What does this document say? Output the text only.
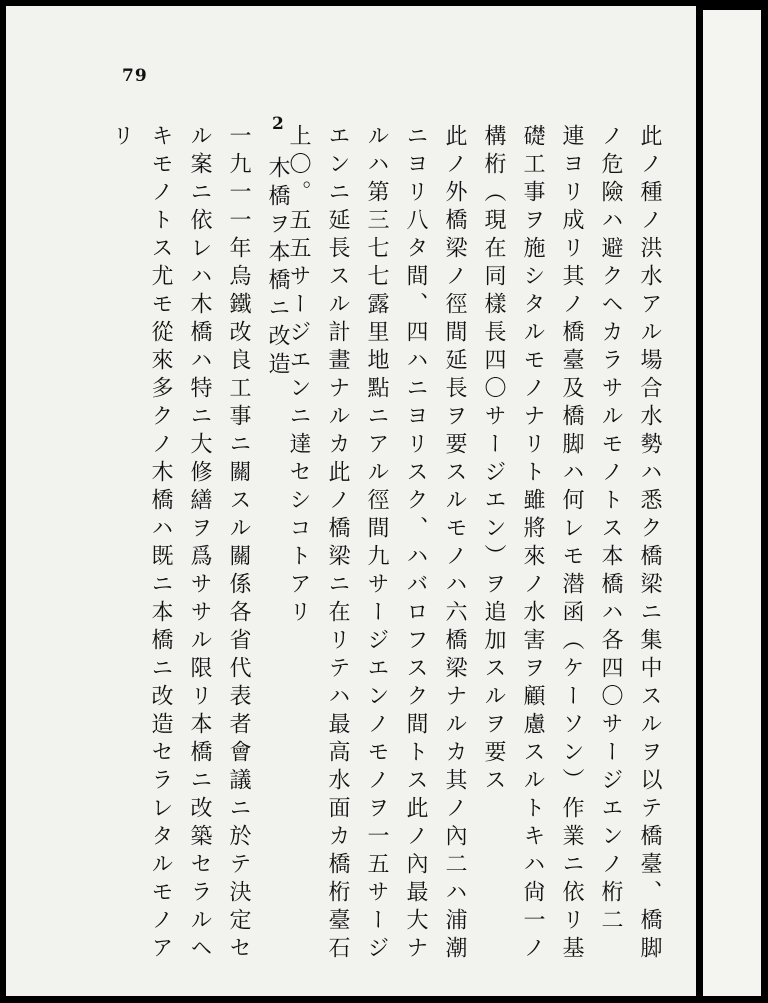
79
2	此ノ種ノ洪水アル場合水勢ハ悉ク橋梁ニ集中スルヲ以テ橋臺、橋脚
ノ危險ハ避クヘカラサルモノトス本橋ハ各四〇サージエンノ桁二
連ヨリ成リ其ノ橋臺及橋脚ハ何レモ潜函（ケーソン）作業ニ依リ基
礎工事ヲ施シタルモノナリト雖將來ノ水害ヲ顧慮スルトキハ尙一ノ
構桁（現在同樣長四〇サージエン）ヲ追加スルヲ要ス
此ノ外橋梁ノ徑間延長ヲ要スルモノハ六橋梁ナルカ其ノ內二ハ浦潮
ニヨリ八タ間、四ハニヨリスク、ハバロフスク間トス此ノ內最大ナ
ルハ第三七七露里地點ニアル徑間九サージエンノモノヲ一五サージ
エンニ延長スル計畫ナルカ此ノ橋梁ニ在リテハ最高水面カ橋桁臺石
上〇。五五サージエンニ達セシコトアリ
木橋ヲ本橋ニ改造
一九一一年烏鐵改良工事ニ關スル關係各省代表者會議ニ於テ決定セ
ル案ニ依レハ木橋ハ特ニ大修繕ヲ爲ササル限リ本橋ニ改築セラルヘ
キモノトス尤モ從來多クノ木橋ハ既ニ本橋ニ改造セラレタルモノア
リ
